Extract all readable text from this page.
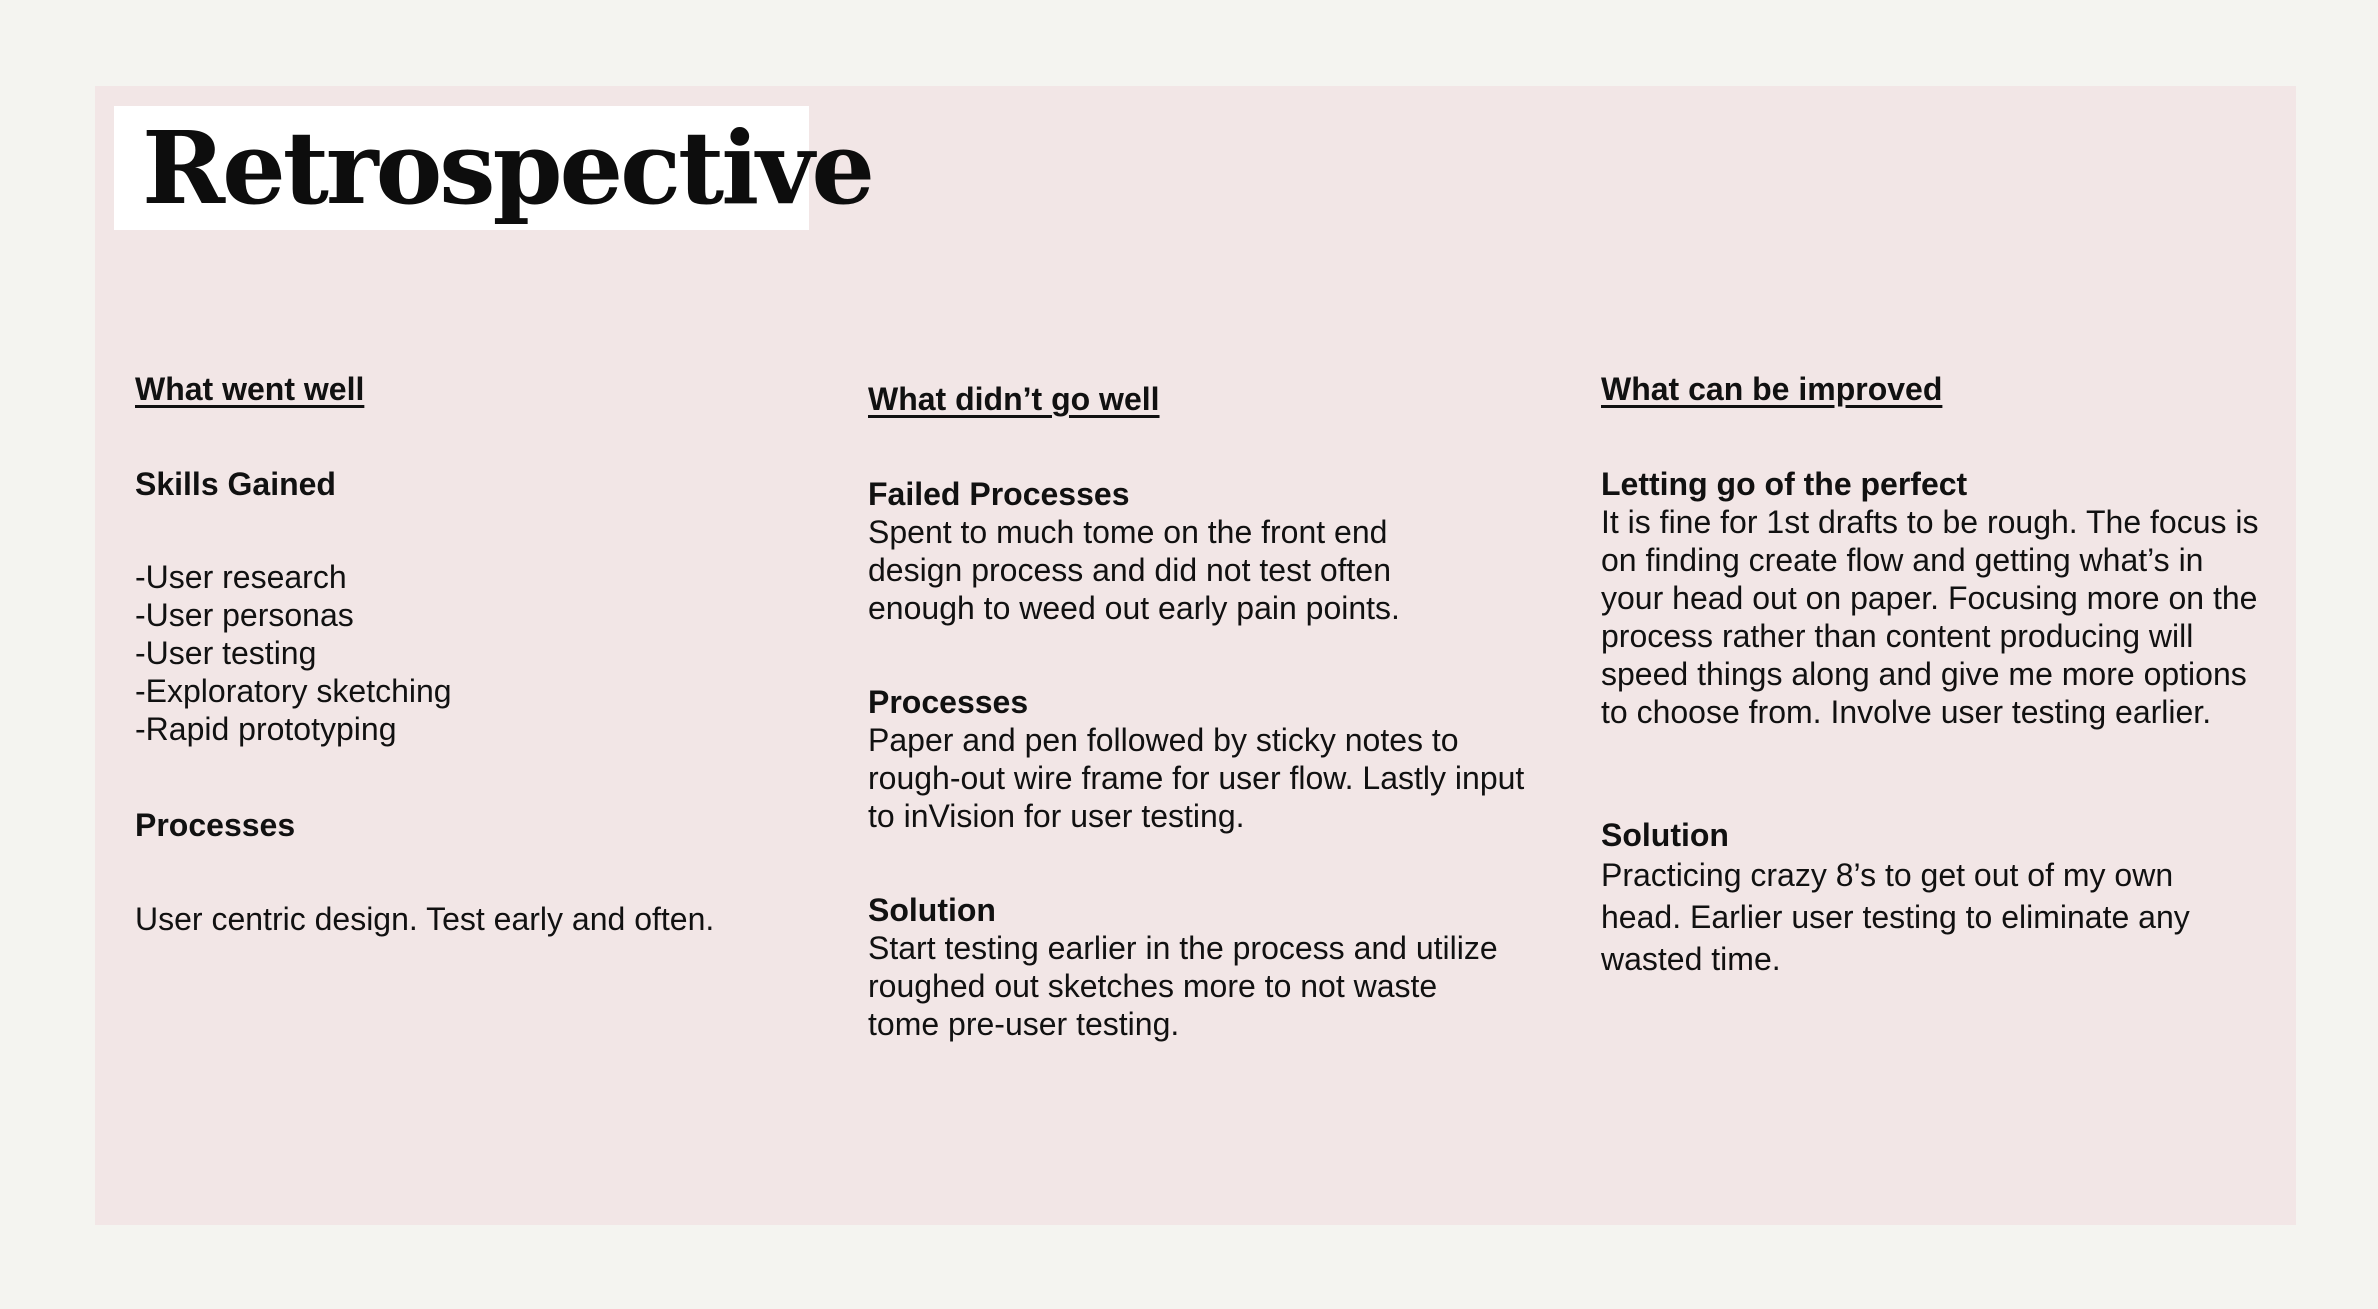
Retrospective

What went well

Skills Gained

-User research
-User personas
-User testing
-Exploratory sketching
-Rapid prototyping

Processes

User centric design. Test early and often.

What didn’t go well

Failed Processes

Spent to much tome on the front end design process and did not test often enough to weed out early pain points.

Processes

Paper and pen followed by sticky notes to rough-out wire frame for user flow. Lastly input to inVision for user testing.

Solution

Start testing earlier in the process and utilize roughed out sketches more to not waste tome pre-user testing.

What can be improved

Letting go of the perfect

It is fine for 1st drafts to be rough. The focus is on finding create flow and getting what’s in your head out on paper. Focusing more on the process rather than content producing will speed things along and give me more options to choose from. Involve user testing earlier.

Solution

Practicing crazy 8’s to get out of my own head. Earlier user testing to eliminate any wasted time.
